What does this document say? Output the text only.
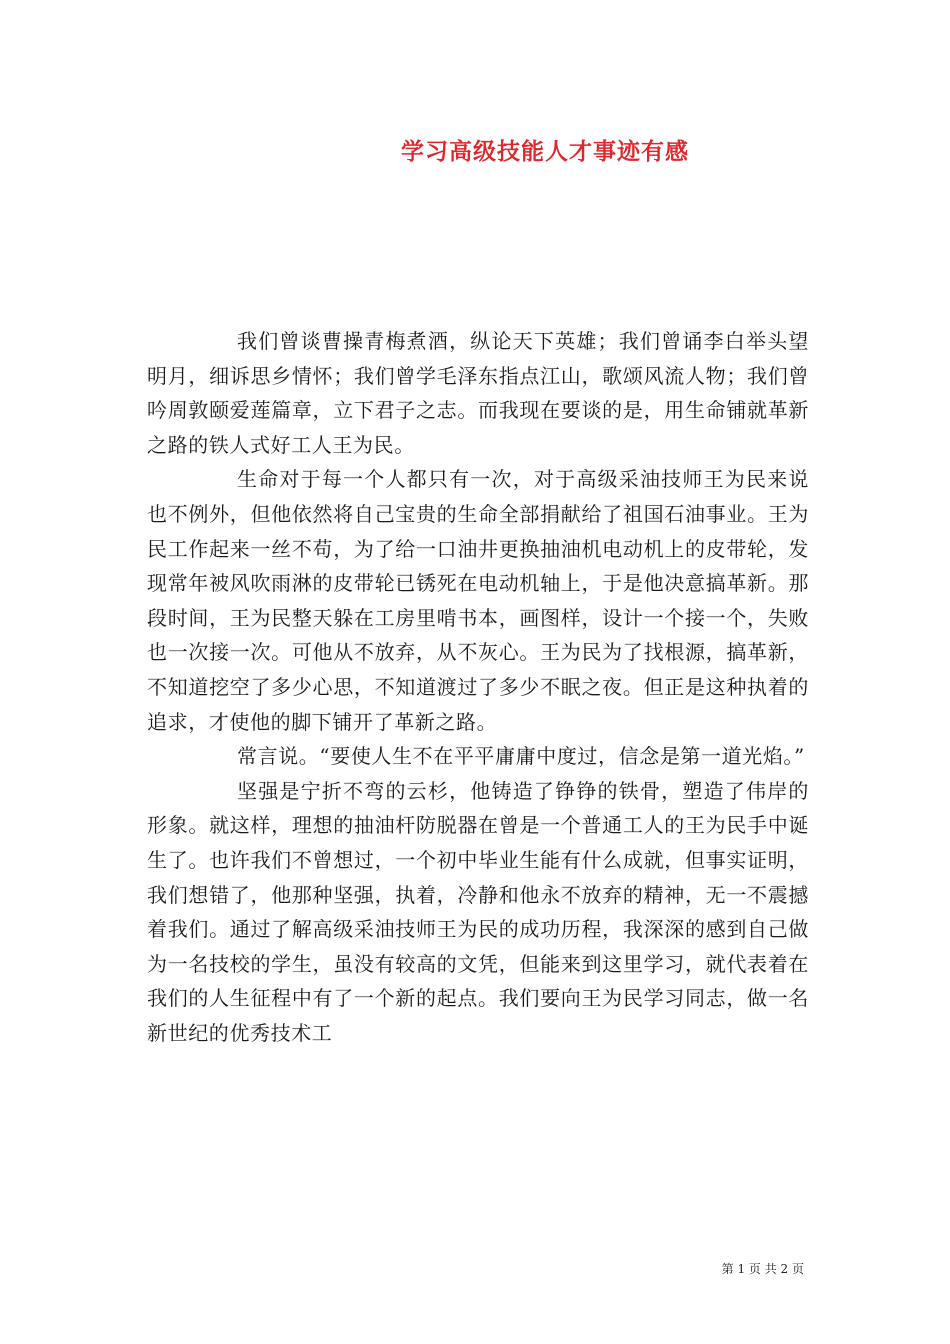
学习高级技能人才事迹有感

我们曾谈曹操青梅煮酒，纵论天下英雄；我们曾诵李白举头望明月，细诉思乡情怀；我们曾学毛泽东指点江山，歌颂风流人物；我们曾吟周敦颐爱莲篇章，立下君子之志。而我现在要谈的是，用生命铺就革新之路的铁人式好工人王为民。

生命对于每一个人都只有一次，对于高级采油技师王为民来说也不例外，但他依然将自己宝贵的生命全部捐献给了祖国石油事业。王为民工作起来一丝不苟，为了给一口油井更换抽油机电动机上的皮带轮，发现常年被风吹雨淋的皮带轮已锈死在电动机轴上，于是他决意搞革新。那段时间，王为民整天躲在工房里啃书本，画图样，设计一个接一个，失败也一次接一次。可他从不放弃，从不灰心。王为民为了找根源，搞革新，不知道挖空了多少心思，不知道渡过了多少不眠之夜。但正是这种执着的追求，才使他的脚下铺开了革新之路。

常言说。“要使人生不在平平庸庸中度过，信念是第一道光焰。”

坚强是宁折不弯的云杉，他铸造了铮铮的铁骨，塑造了伟岸的形象。就这样，理想的抽油杆防脱器在曾是一个普通工人的王为民手中诞生了。也许我们不曾想过，一个初中毕业生能有什么成就，但事实证明，我们想错了，他那种坚强，执着，冷静和他永不放弃的精神，无一不震撼着我们。通过了解高级采油技师王为民的成功历程，我深深的感到自己做为一名技校的学生，虽没有较高的文凭，但能来到这里学习，就代表着在我们的人生征程中有了一个新的起点。我们要向王为民学习同志，做一名新世纪的优秀技术工

第 1 页 共 2 页
